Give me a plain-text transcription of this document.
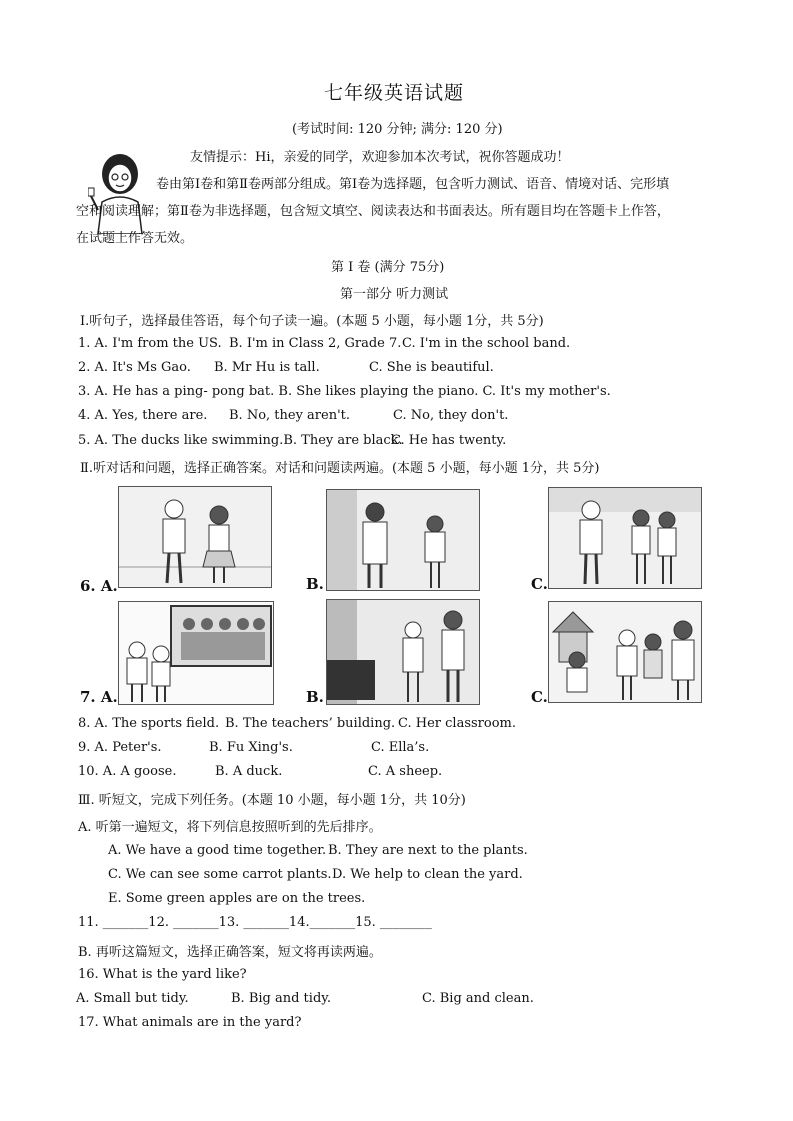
七年级英语试题
(考试时间: 120 分钟; 满分: 120 分)
友情提示：Hi，亲爱的同学，欢迎参加本次考试，祝你答题成功！
卷由第Ⅰ卷和第Ⅱ卷两部分组成。第Ⅰ卷为选择题，包含听力测试、语音、情境对话、完形填
空和阅读理解；第Ⅱ卷为非选择题，包含短文填空、阅读表达和书面表达。所有题目均在答题卡上作答，
在试题上作答无效。
第 Ⅰ 卷 (满分 75分)
第一部分 听力测试
Ⅰ.听句子，选择最佳答语，每个句子读一遍。(本题 5 小题，每小题 1分，共 5分)
1. A. I'm from the US. B. I'm in Class 2, Grade 7. C. I'm in the school band.
2. A. It's Ms Gao. B. Mr Hu is tall.	C. She is beautiful.
3. A. He has a ping- pong bat. B. She likes playing the piano. C. It's my mother's.
4. A. Yes, there are. B. No, they aren't.	C. No, they don't.
5. A. The ducks like swimming.B. They are black.
C. He has twenty.
Ⅱ.听对话和问题，选择正确答案。对话和问题读两遍。(本题 5 小题，每小题 1分，共 5分)
6. A.	B.	C.
7. A.	B.	C.
8. A. The sports field. B. The teachers’ building. C. Her classroom.
9. A. Peter's.	B. Fu Xing's.	C. Ella’s.
10. A. A goose.	B. A duck.	C. A sheep.
Ⅲ. 听短文，完成下列任务。(本题 10 小题，每小题 1分，共 10分)
A. 听第一遍短文，将下列信息按照听到的先后排序。
A. We have a good time together. B. They are next to the plants.
C. We can see some carrot plants. D. We help to clean the yard.
E. Some green apples are on the trees.
11. _______12. _______13. _______14._______15. ________
B. 再听这篇短文，选择正确答案，短文将再读两遍。
16. What is the yard like?
A. Small but tidy.	B. Big and tidy.	C. Big and clean.
17. What animals are in the yard?
